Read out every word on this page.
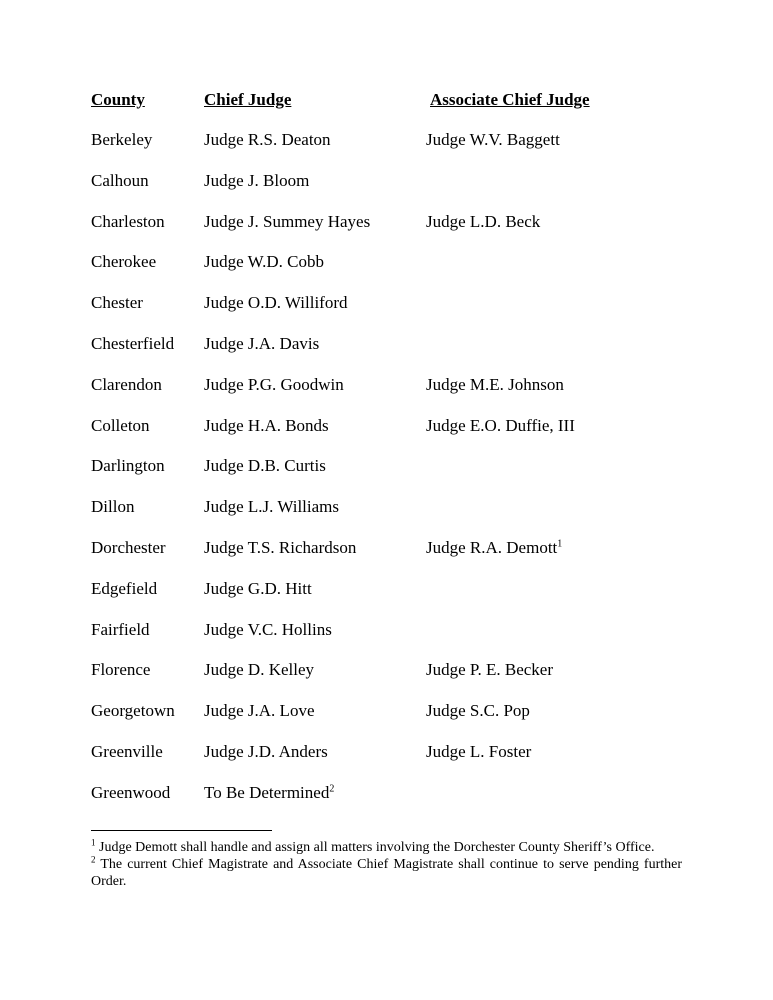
County	Chief Judge	Associate Chief Judge
Berkeley	Judge R.S. Deaton	Judge W.V. Baggett
Calhoun	Judge J. Bloom
Charleston Judge J. Summey Hayes	Judge L.D. Beck
Cherokee	Judge W.D. Cobb
Chester	Judge O.D. Williford
Chesterfield Judge J.A. Davis
Clarendon Judge P.G. Goodwin	Judge M.E. Johnson
Colleton	Judge H.A. Bonds	Judge E.O. Duffie, III
Darlington Judge D.B. Curtis
Dillon	Judge L.J. Williams
Dorchester Judge T.S. Richardson	Judge R.A. Demott$^1$
Edgefield	Judge G.D. Hitt
Fairfield	Judge V.C. Hollins
Florence	Judge D. Kelley	Judge P. E. Becker
Georgetown Judge J.A. Love	Judge S.C. Pop
Greenville Judge J.D. Anders	Judge L. Foster
Greenwood To Be Determined$^2$
$^1$ Judge Demott shall handle and assign all matters involving the Dorchester County Sheriff’s Office.
$^2$ The current Chief Magistrate and Associate Chief Magistrate shall continue to serve pending further Order.
